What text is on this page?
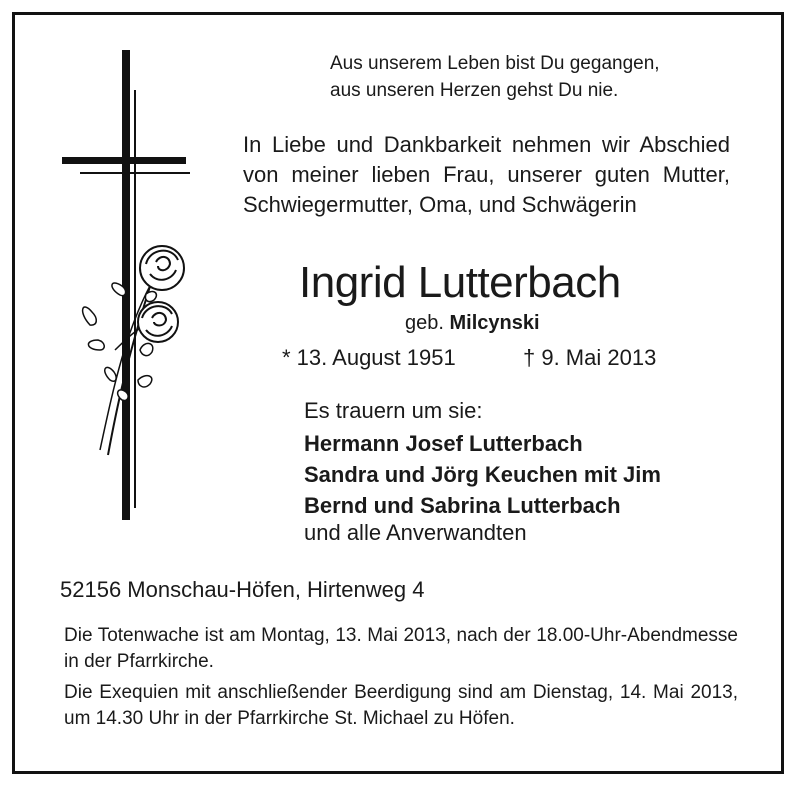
Aus unserem Leben bist Du gegangen,
aus unseren Herzen gehst Du nie.
In Liebe und Dankbarkeit nehmen wir Abschied von meiner lieben Frau, unserer guten Mutter, Schwiegermutter, Oma, und Schwägerin
Ingrid Lutterbach
geb. Milcynski
* 13. August 1951	† 9. Mai 2013
Es trauern um sie:
Hermann Josef Lutterbach
Sandra und Jörg Keuchen mit Jim
Bernd und Sabrina Lutterbach
und alle Anverwandten
52156 Monschau-Höfen, Hirtenweg 4
Die Totenwache ist am Montag, 13. Mai 2013, nach der 18.00-Uhr-Abendmesse in der Pfarrkirche.
Die Exequien mit anschließender Beerdigung sind am Dienstag, 14. Mai 2013, um 14.30 Uhr in der Pfarrkirche St. Michael zu Höfen.
